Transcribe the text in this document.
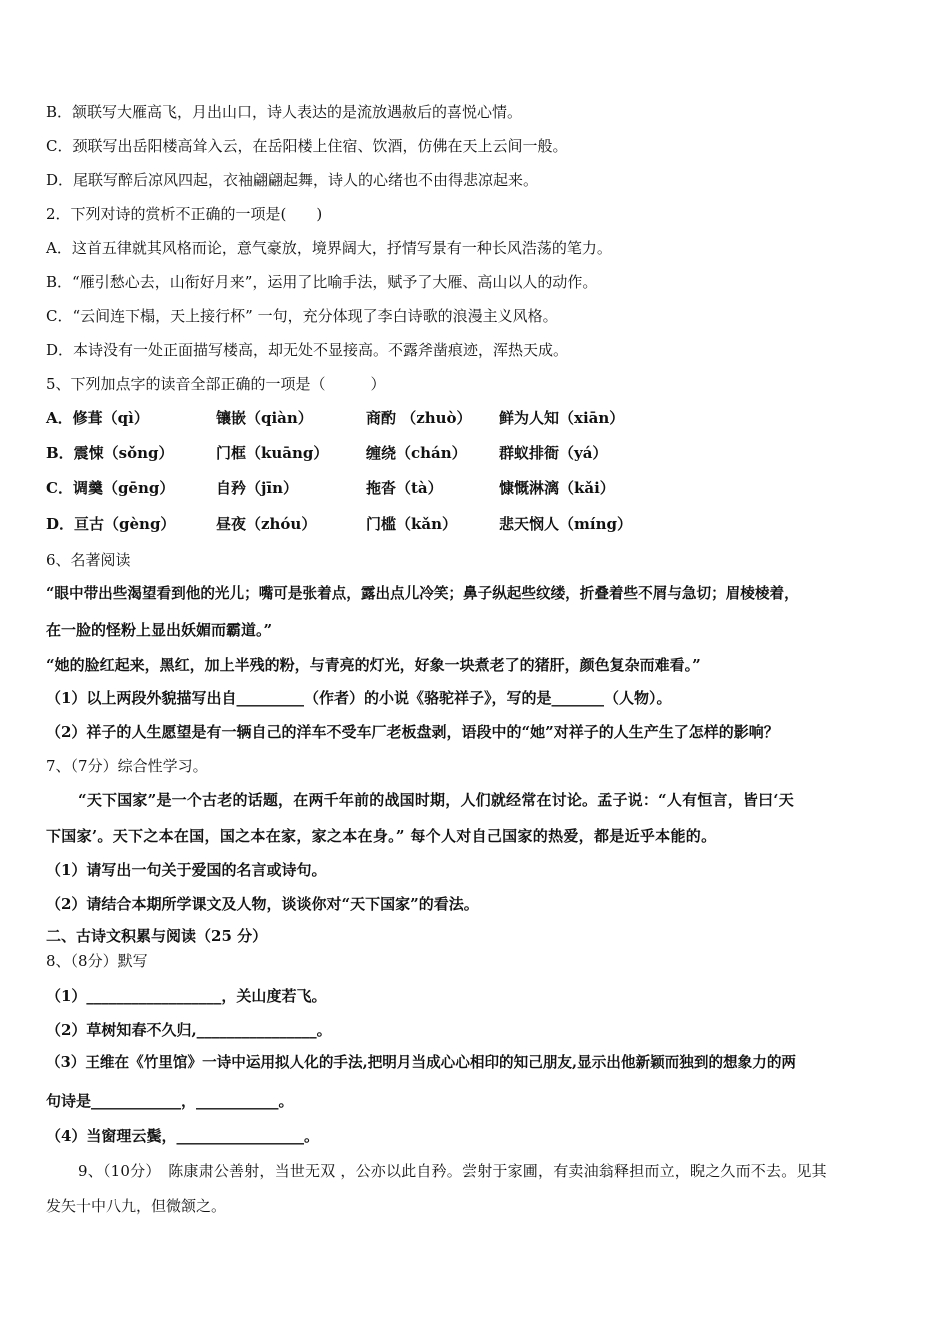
B．颔联写大雁高飞，月出山口，诗人表达的是流放遇赦后的喜悦心情。
C．颈联写出岳阳楼高耸入云，在岳阳楼上住宿、饮酒，仿佛在天上云间一般。
D．尾联写醉后凉风四起，衣袖翩翩起舞，诗人的心绪也不由得悲凉起来。
2．下列对诗的赏析不正确的一项是(　　)
A．这首五律就其风格而论，意气豪放，境界阔大，抒情写景有一种长风浩荡的笔力。
B．“雁引愁心去，山衔好月来”，运用了比喻手法，赋予了大雁、高山以人的动作。
C．“云间连下榻，天上接行杯” 一句，充分体现了李白诗歌的浪漫主义风格。
D．本诗没有一处正面描写楼高，却无处不显接高。不露斧凿痕迹，浑热天成。
5、下列加点字的读音全部正确的一项是（　　　）
A．修葺（qì）	镶嵌（qiàn）	商酌 （zhuò） 鲜为人知（xiān）
B．震悚（sǒng）	门框（kuāng）	缠绕（chán） 群蚁排衙（yá）
C．调羹（gēng）	自矜（jīn）	拖沓（tà）	慷慨淋漓（kǎi）
D．亘古（gèng）	昼夜（zhóu）	门槛（kǎn）	悲天悯人（míng）
6、名著阅读
“眼中带出些渴望看到他的光儿；嘴可是张着点，露出点儿冷笑；鼻子纵起些纹缕，折叠着些不屑与急切；眉棱棱着，
在一脸的怪粉上显出妖媚而霸道。”
“她的脸红起来，黑红，加上半残的粉，与青亮的灯光，好象一块煮老了的猪肝，颜色复杂而难看。”
（1）以上两段外貌描写出自_________（作者）的小说《骆驼祥子》，写的是_______（人物）。
（2）祥子的人生愿望是有一辆自己的洋车不受车厂老板盘剥，语段中的“她”对祥子的人生产生了怎样的影响？
7、（7分）综合性学习。
“天下国家”是一个古老的话题，在两千年前的战国时期，人们就经常在讨论。孟子说：“人有恒言，皆曰‘天
下国家’。天下之本在国，国之本在家，家之本在身。” 每个人对自己国家的热爱，都是近乎本能的。
（1）请写出一句关于爱国的名言或诗句。
（2）请结合本期所学课文及人物，谈谈你对“天下国家”的看法。
二、古诗文积累与阅读（25 分）
8、（8分）默写
（1）__________________，关山度若飞。
（2）草树知春不久归,________________。
（3）王维在《竹里馆》一诗中运用拟人化的手法,把明月当成心心相印的知己朋友,显示出他新颖而独到的想象力的两
句诗是____________，___________。
（4）当窗理云鬓，_________________。
9、（10分）　陈康肃公善射，当世无双 ，公亦以此自矜。尝射于家圃，有卖油翁释担而立，睨之久而不去。见其
发矢十中八九，但微颔之。
